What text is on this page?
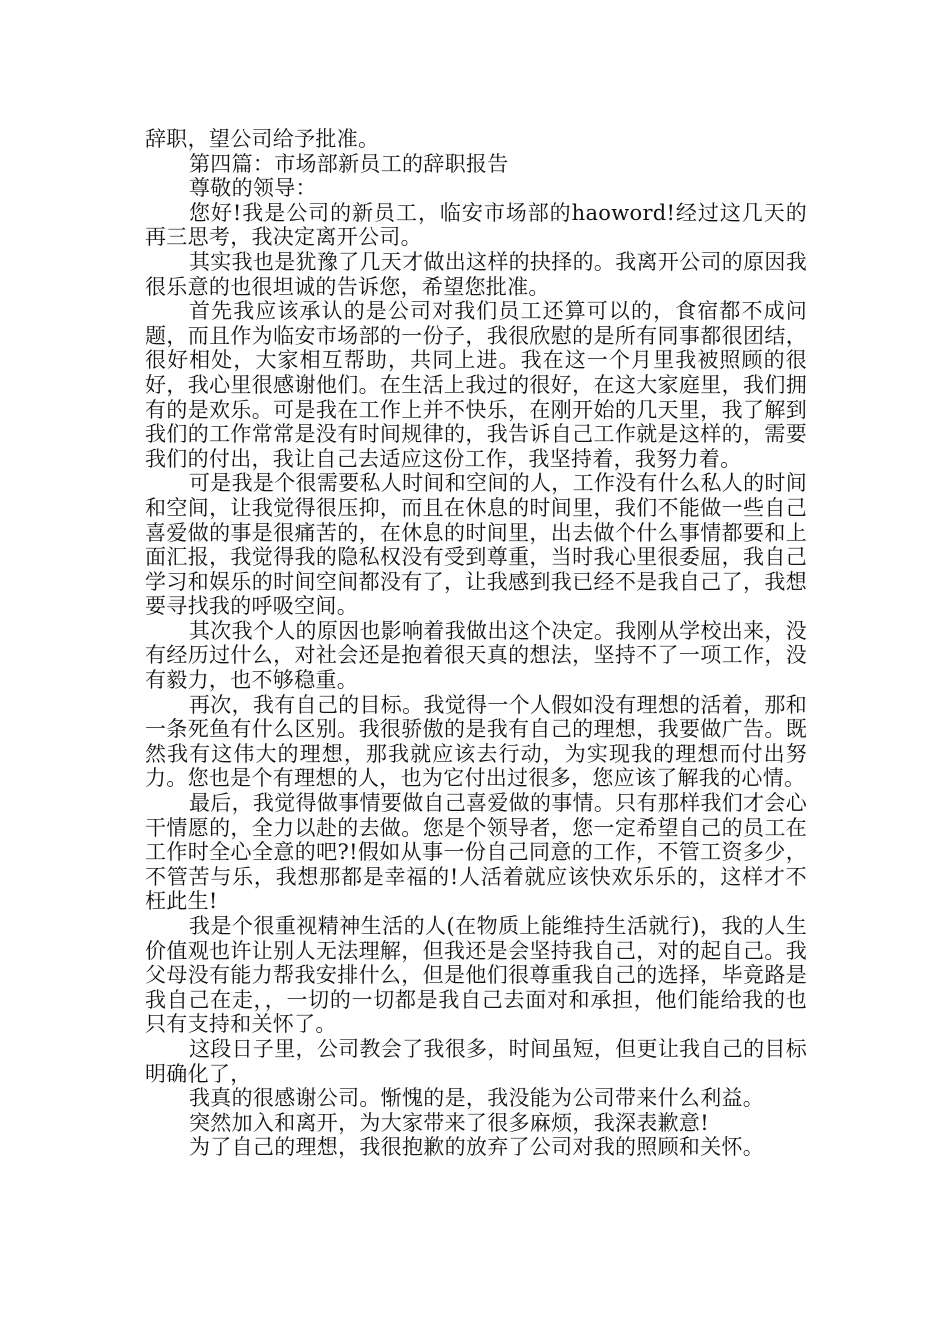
辞职，望公司给予批准。

第四篇：市场部新员工的辞职报告

尊敬的领导：

您好!我是公司的新员工，临安市场部的haoword!经过这几天的再三思考，我决定离开公司。

其实我也是犹豫了几天才做出这样的抉择的。我离开公司的原因我很乐意的也很坦诚的告诉您，希望您批准。

首先我应该承认的是公司对我们员工还算可以的，食宿都不成问题，而且作为临安市场部的一份子，我很欣慰的是所有同事都很团结，很好相处，大家相互帮助，共同上进。我在这一个月里我被照顾的很好，我心里很感谢他们。在生活上我过的很好，在这大家庭里，我们拥有的是欢乐。可是我在工作上并不快乐，在刚开始的几天里，我了解到我们的工作常常是没有时间规律的，我告诉自己工作就是这样的，需要我们的付出，我让自己去适应这份工作，我坚持着，我努力着。

可是我是个很需要私人时间和空间的人，工作没有什么私人的时间和空间，让我觉得很压抑，而且在休息的时间里，我们不能做一些自己喜爱做的事是很痛苦的，在休息的时间里，出去做个什么事情都要和上面汇报，我觉得我的隐私权没有受到尊重，当时我心里很委屈，我自己学习和娱乐的时间空间都没有了，让我感到我已经不是我自己了，我想要寻找我的呼吸空间。

其次我个人的原因也影响着我做出这个决定。我刚从学校出来，没有经历过什么，对社会还是抱着很天真的想法，坚持不了一项工作，没有毅力，也不够稳重。

再次，我有自己的目标。我觉得一个人假如没有理想的活着，那和一条死鱼有什么区别。我很骄傲的是我有自己的理想，我要做广告。既然我有这伟大的理想，那我就应该去行动，为实现我的理想而付出努力。您也是个有理想的人，也为它付出过很多，您应该了解我的心情。

最后，我觉得做事情要做自己喜爱做的事情。只有那样我们才会心干情愿的，全力以赴的去做。您是个领导者，您一定希望自己的员工在工作时全心全意的吧?!假如从事一份自己同意的工作，不管工资多少，不管苦与乐，我想那都是幸福的!人活着就应该快欢乐乐的，这样才不枉此生!

我是个很重视精神生活的人(在物质上能维持生活就行)，我的人生价值观也许让别人无法理解，但我还是会坚持我自己，对的起自己。我父母没有能力帮我安排什么，但是他们很尊重我自己的选择，毕竟路是我自己在走，，一切的一切都是我自己去面对和承担，他们能给我的也只有支持和关怀了。

这段日子里，公司教会了我很多，时间虽短，但更让我自己的目标明确化了，

我真的很感谢公司。惭愧的是，我没能为公司带来什么利益。

突然加入和离开，为大家带来了很多麻烦，我深表歉意!

为了自己的理想，我很抱歉的放弃了公司对我的照顾和关怀。
